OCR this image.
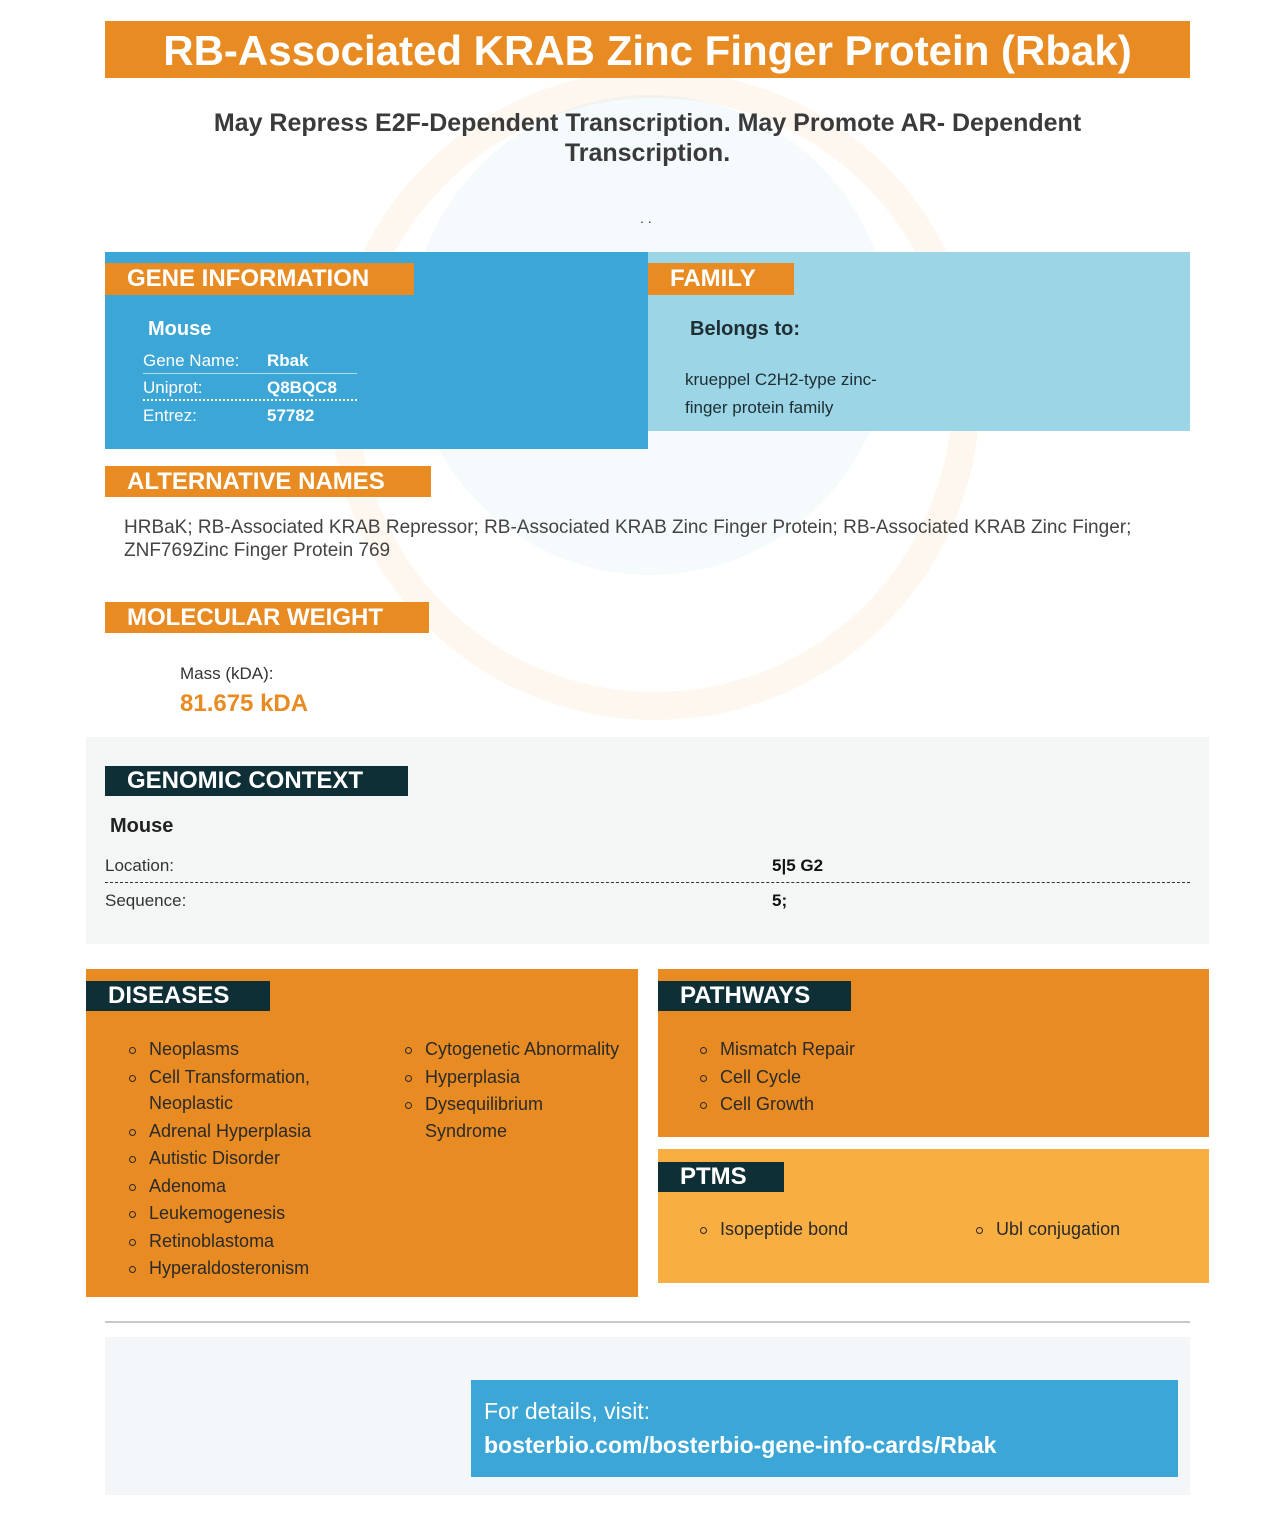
RB-Associated KRAB Zinc Finger Protein (Rbak)
May Repress E2F-Dependent Transcription. May Promote AR- Dependent Transcription.
. .
GENE INFORMATION
Mouse
Gene Name: Rbak
Uniprot:	Q8BQC8
Entrez:	57782
FAMILY
Belongs to:
krueppel C2H2-type zinc-finger protein family
ALTERNATIVE NAMES
HRBaK; RB-Associated KRAB Repressor; RB-Associated KRAB Zinc Finger Protein; RB-Associated KRAB Zinc Finger; ZNF769Zinc Finger Protein 769
MOLECULAR WEIGHT
Mass (kDA):
81.675 kDA
GENOMIC CONTEXT
Mouse
Location:	5|5 G2
Sequence:	5;
DISEASES
Neoplasms
Cell Transformation, Neoplastic
Adrenal Hyperplasia
Autistic Disorder
Adenoma
Leukemogenesis
Retinoblastoma
Hyperaldosteronism
Cytogenetic Abnormality
Hyperplasia
Dysequilibrium Syndrome
PATHWAYS
Mismatch Repair
Cell Cycle
Cell Growth
PTMS
Isopeptide bond	Ubl conjugation
For details, visit:
bosterbio.com/bosterbio-gene-info-cards/Rbak
